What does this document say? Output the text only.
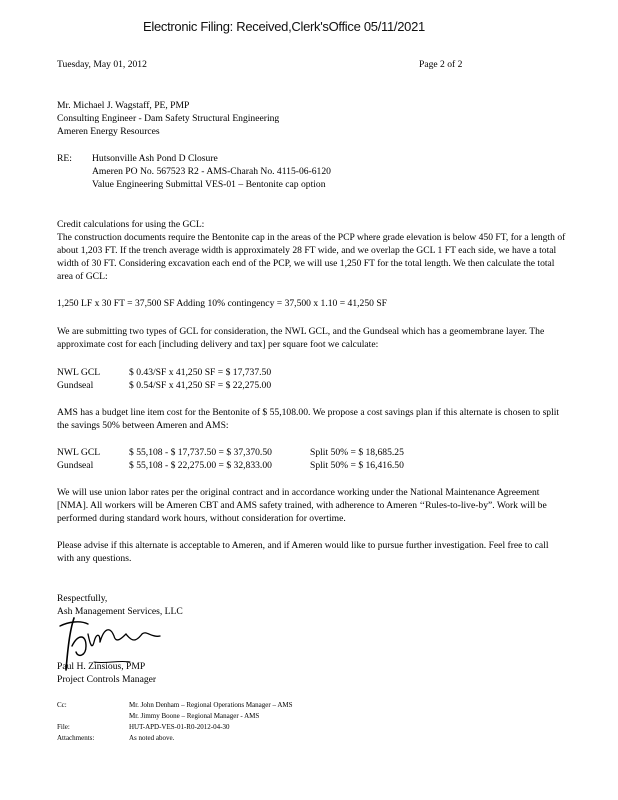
Electronic Filing: Received,Clerk'sOffice 05/11/2021
Tuesday, May 01, 2012	Page 2 of 2
Mr. Michael J. Wagstaff, PE, PMP
Consulting Engineer - Dam Safety Structural Engineering
Ameren Energy Resources
RE: Hutsonville Ash Pond D Closure
Ameren PO No. 567523 R2 - AMS-Charah No. 4115-06-6120
Value Engineering Submittal VES-01 – Bentonite cap option
Credit calculations for using the GCL:
The construction documents require the Bentonite cap in the areas of the PCP where grade elevation is below 450 FT, for a length of about 1,203 FT. If the trench average width is approximately 28 FT wide, and we overlap the GCL 1 FT each side, we have a total width of 30 FT. Considering excavation each end of the PCP, we will use 1,250 FT for the total length. We then calculate the total area of GCL:
1,250 LF x 30 FT = 37,500 SF Adding 10% contingency = 37,500 x 1.10 = 41,250 SF
We are submitting two types of GCL for consideration, the NWL GCL, and the Gundseal which has a geomembrane layer. The approximate cost for each [including delivery and tax] per square foot we calculate:
NWL GCL	$ 0.43/SF x 41,250 SF = $ 17,737.50
Gundseal	$ 0.54/SF x 41,250 SF = $ 22,275.00
AMS has a budget line item cost for the Bentonite of $ 55,108.00. We propose a cost savings plan if this alternate is chosen to split the savings 50% between Ameren and AMS:
NWL GCL	$ 55,108 - $ 17,737.50 = $ 37,370.50	Split 50% = $ 18,685.25
Gundseal	$ 55,108 - $ 22,275.00 = $ 32,833.00	Split 50% = $ 16,416.50
We will use union labor rates per the original contract and in accordance working under the National Maintenance Agreement [NMA]. All workers will be Ameren CBT and AMS safety trained, with adherence to Ameren ‘‘Rules-to-live-by”. Work will be performed during standard work hours, without consideration for overtime.
Please advise if this alternate is acceptable to Ameren, and if Ameren would like to pursue further investigation. Feel free to call with any questions.
Respectfully,
Ash Management Services, LLC
Paul H. Zinsious, PMP
Project Controls Manager
Cc:	Mr. John Denham – Regional Operations Manager – AMS
Mr. Jimmy Boone – Regional Manager - AMS
File:	HUT-APD-VES-01-R0-2012-04-30
Attachments:	As noted above.
